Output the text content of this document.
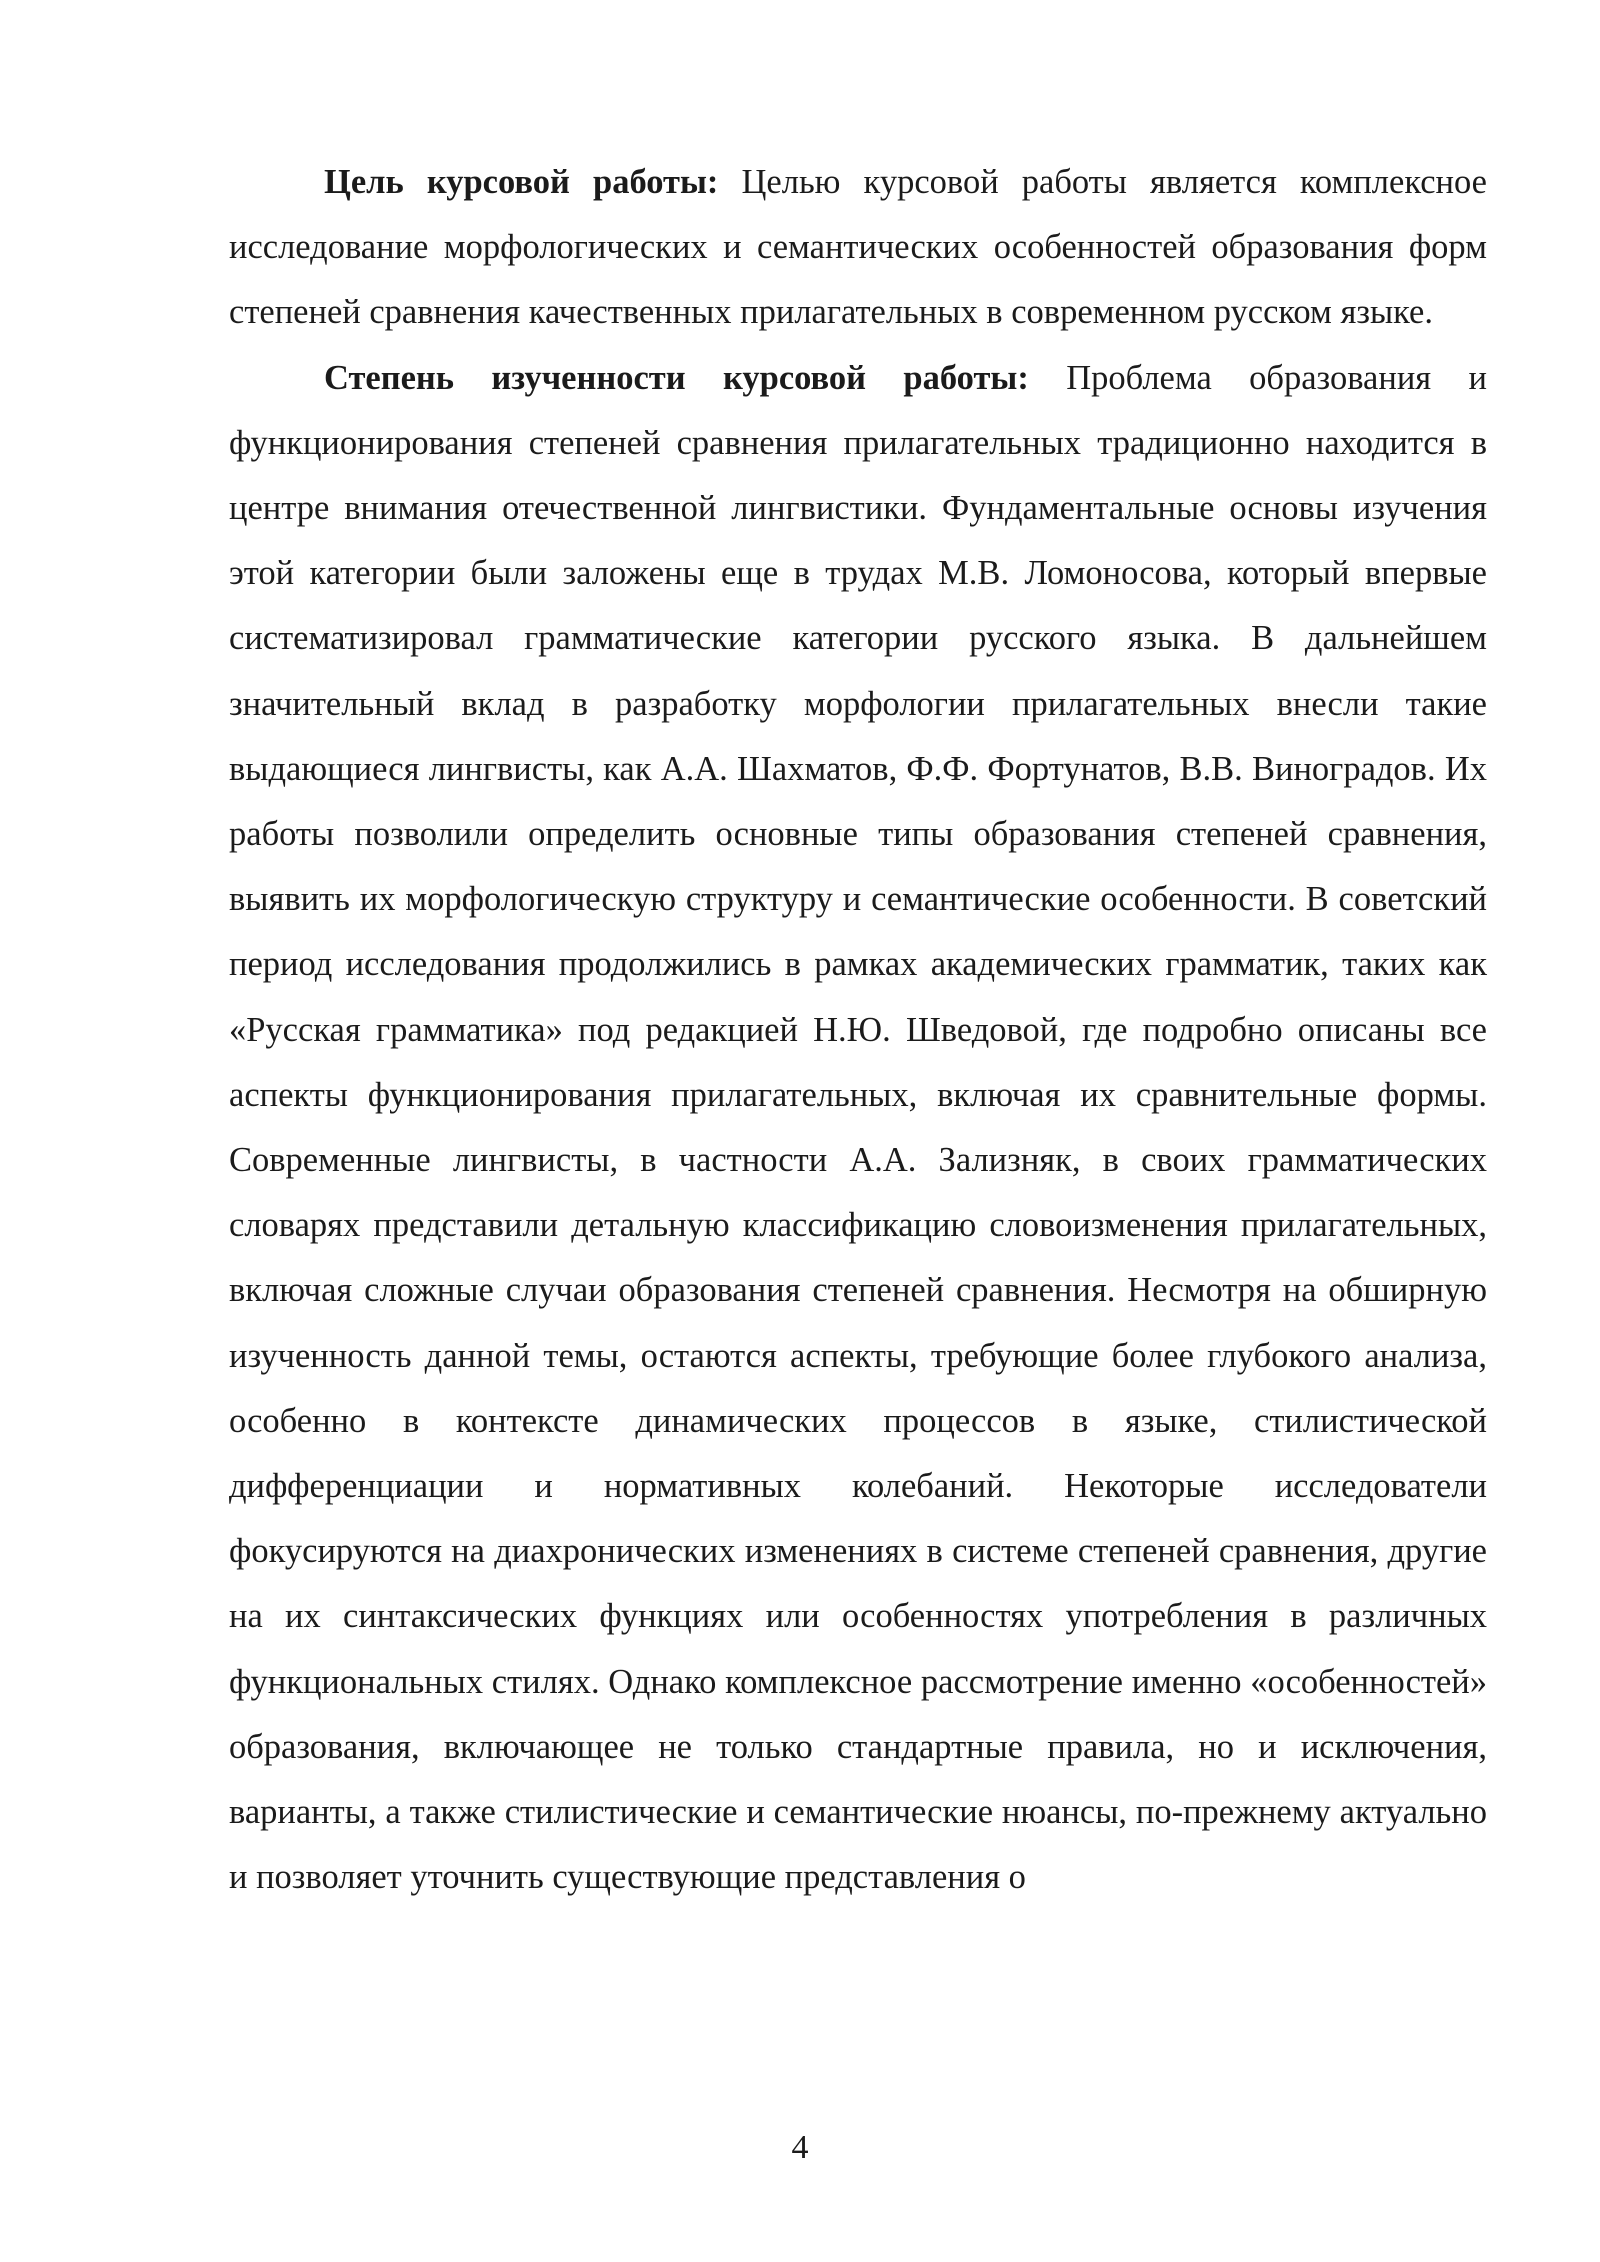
Цель курсовой работы: Целью курсовой работы является комплексное исследование морфологических и семантических особенностей образования форм степеней сравнения качественных прилагательных в современном русском языке.

Степень изученности курсовой работы: Проблема образования и функционирования степеней сравнения прилагательных традиционно находится в центре внимания отечественной лингвистики. Фундаментальные основы изучения этой категории были заложены еще в трудах М.В. Ломоносова, который впервые систематизировал грамматические категории русского языка. В дальнейшем значительный вклад в разработку морфологии прилагательных внесли такие выдающиеся лингвисты, как А.А. Шахматов, Ф.Ф. Фортунатов, В.В. Виноградов. Их работы позволили определить основные типы образования степеней сравнения, выявить их морфологическую структуру и семантические особенности. В советский период исследования продолжились в рамках академических грамматик, таких как «Русская грамматика» под редакцией Н.Ю. Шведовой, где подробно описаны все аспекты функционирования прилагательных, включая их сравнительные формы. Современные лингвисты, в частности А.А. Зализняк, в своих грамматических словарях представили детальную классификацию словоизменения прилагательных, включая сложные случаи образования степеней сравнения. Несмотря на обширную изученность данной темы, остаются аспекты, требующие более глубокого анализа, особенно в контексте динамических процессов в языке, стилистической дифференциации и нормативных колебаний. Некоторые исследователи фокусируются на диахронических изменениях в системе степеней сравнения, другие на их синтаксических функциях или особенностях употребления в различных функциональных стилях. Однако комплексное рассмотрение именно «особенностей» образования, включающее не только стандартные правила, но и исключения, варианты, а также стилистические и семантические нюансы, по-прежнему актуально и позволяет уточнить существующие представления о

4
